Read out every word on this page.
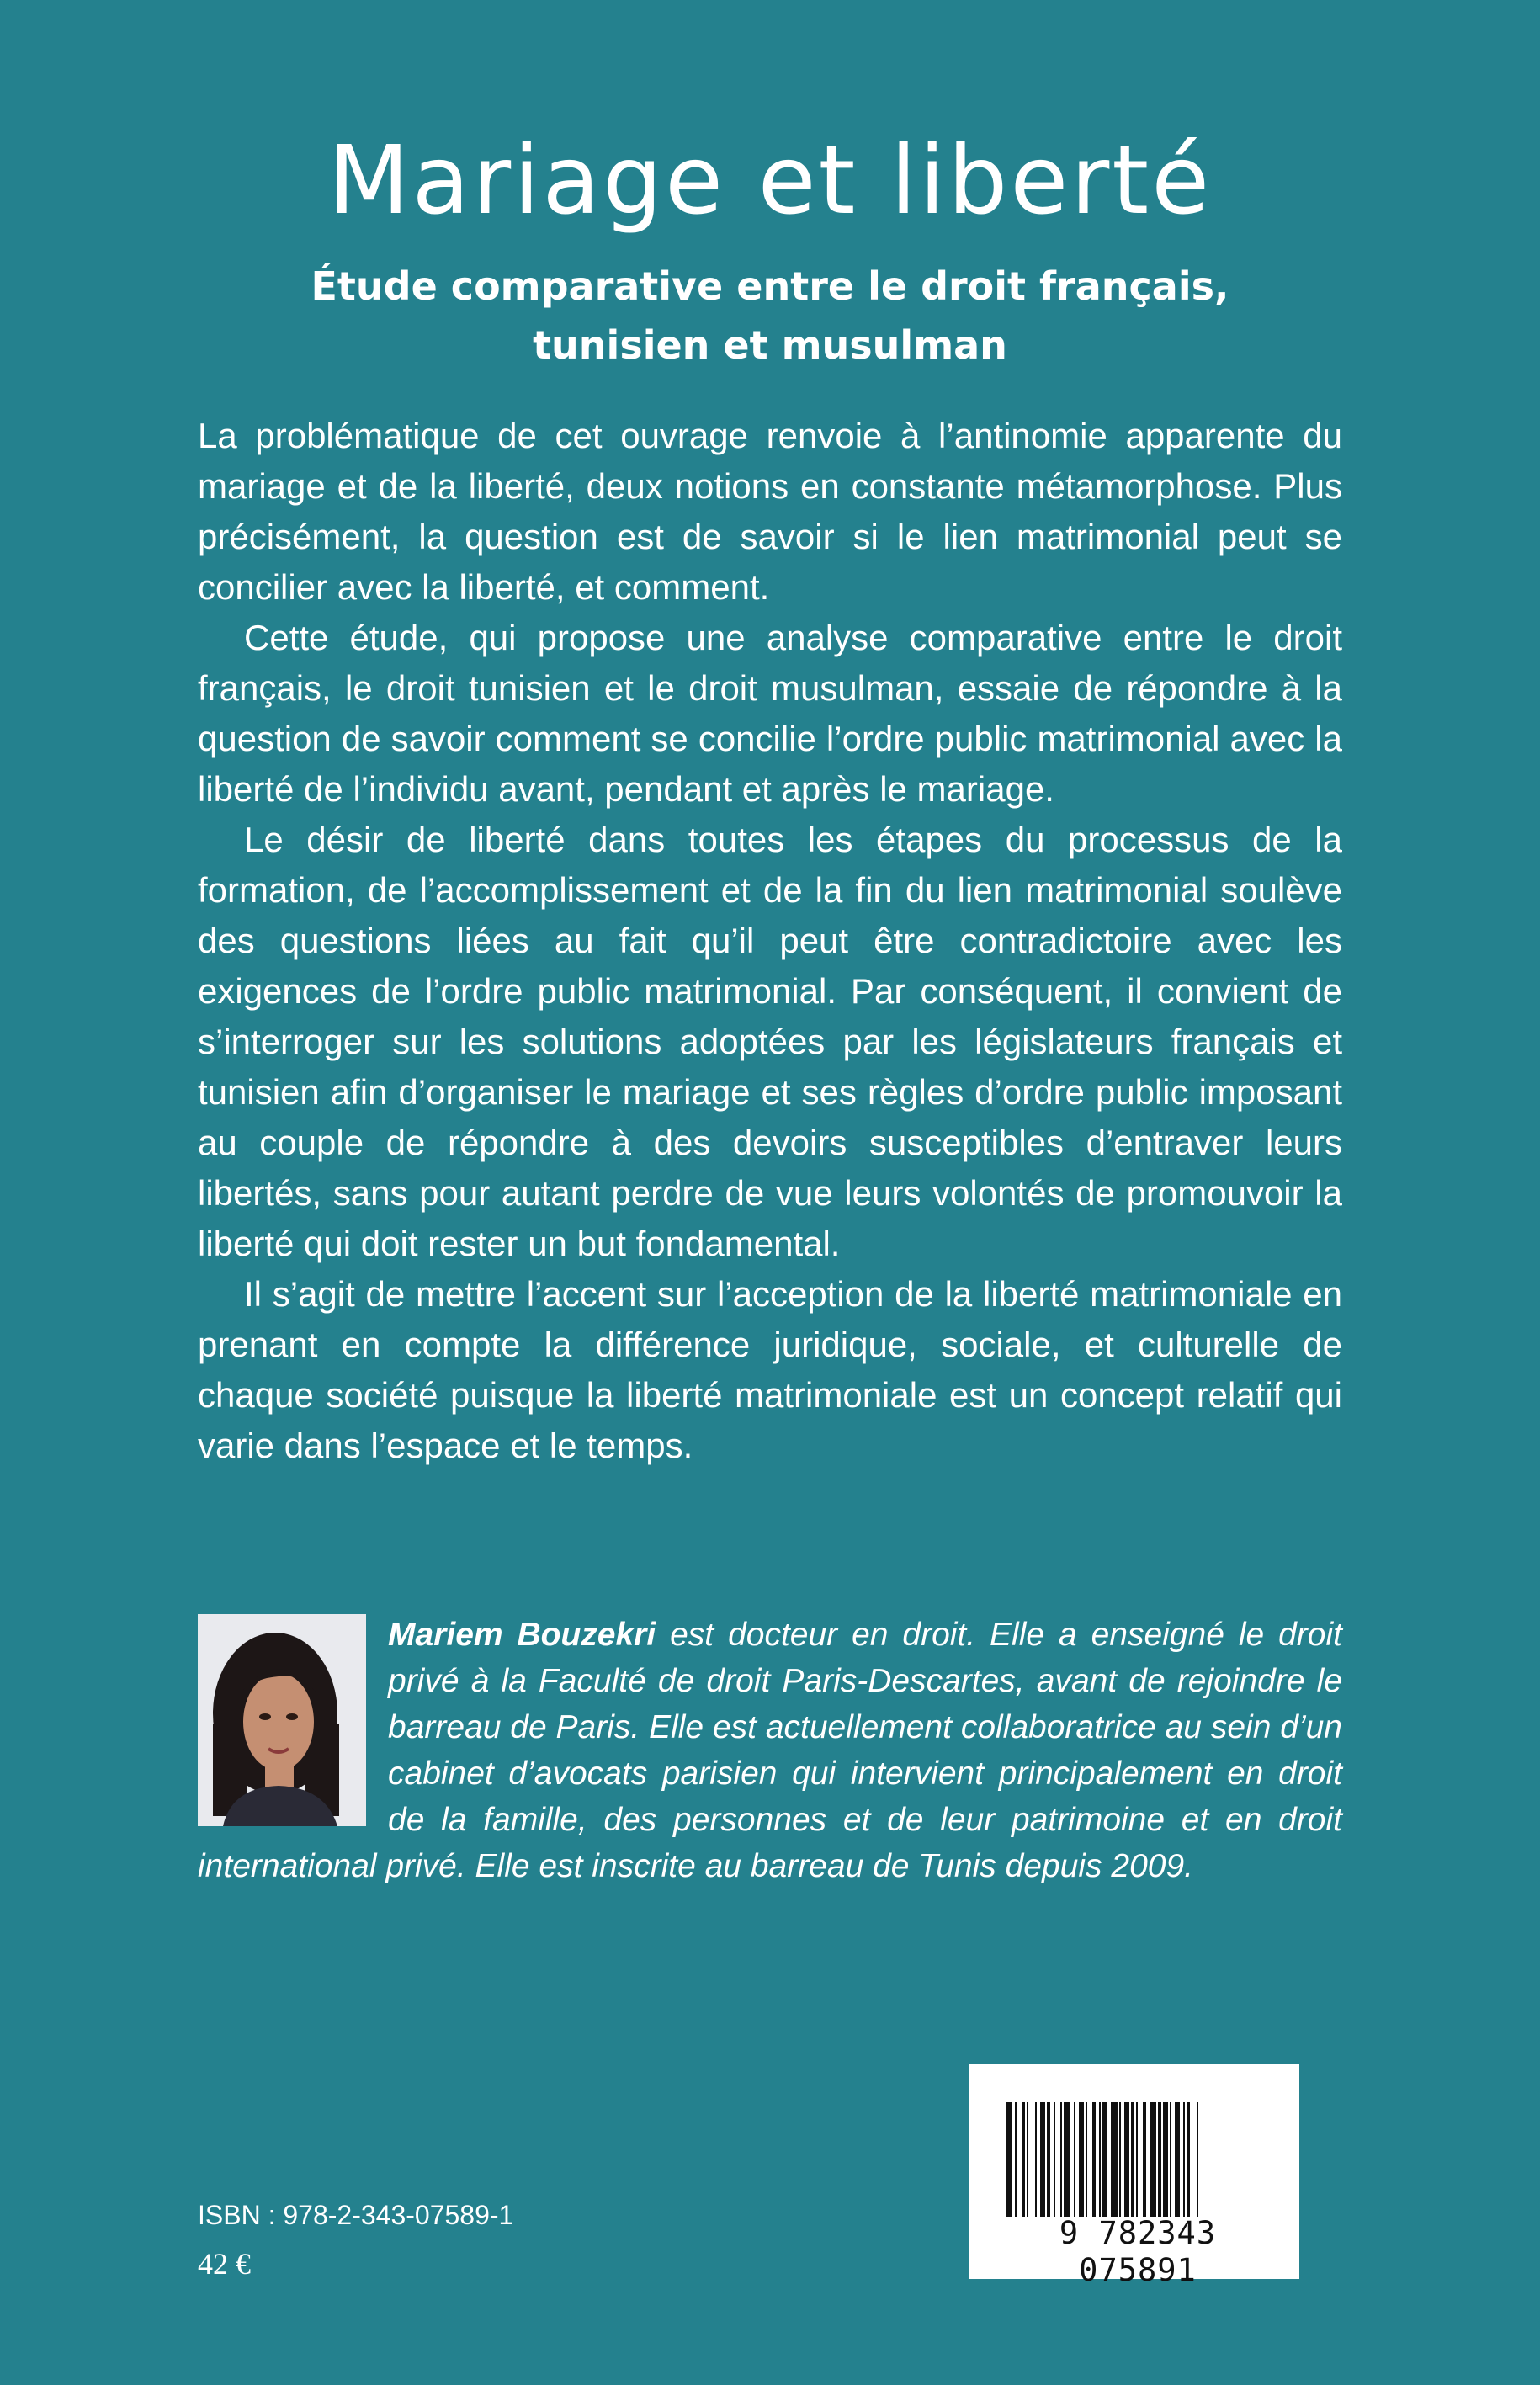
Mariage et liberté
Étude comparative entre le droit français,
tunisien et musulman

La problématique de cet ouvrage renvoie à l’antinomie apparente du mariage et de la liberté, deux notions en constante métamorphose. Plus précisément, la question est de savoir si le lien matrimonial peut se concilier avec la liberté, et comment.

Cette étude, qui propose une analyse comparative entre le droit français, le droit tunisien et le droit musulman, essaie de répondre à la question de savoir comment se concilie l’ordre public matrimonial avec la liberté de l’individu avant, pendant et après le mariage.

Le désir de liberté dans toutes les étapes du processus de la formation, de l’accomplissement et de la fin du lien matrimonial soulève des questions liées au fait qu’il peut être contradictoire avec les exigences de l’ordre public matrimonial. Par conséquent, il convient de s’interroger sur les solutions adoptées par les législateurs français et tunisien afin d’organiser le mariage et ses règles d’ordre public imposant au couple de répondre à des devoirs susceptibles d’entraver leurs libertés, sans pour autant perdre de vue leurs volontés de promouvoir la liberté qui doit rester un but fondamental.

Il s’agit de mettre l’accent sur l’acception de la liberté matrimoniale en prenant en compte la différence juridique, sociale, et culturelle de chaque société puisque la liberté matrimoniale est un concept relatif qui varie dans l’espace et le temps.

Mariem Bouzekri est docteur en droit. Elle a enseigné le droit privé à la Faculté de droit Paris-Descartes, avant de rejoindre le barreau de Paris. Elle est actuellement collaboratrice au sein d’un cabinet d’avocats parisien qui intervient principalement en droit de la famille, des personnes et de leur patrimoine et en droit international privé. Elle est inscrite au barreau de Tunis depuis 2009.
9 782343 075891
ISBN : 978-2-343-07589-1
42 €
